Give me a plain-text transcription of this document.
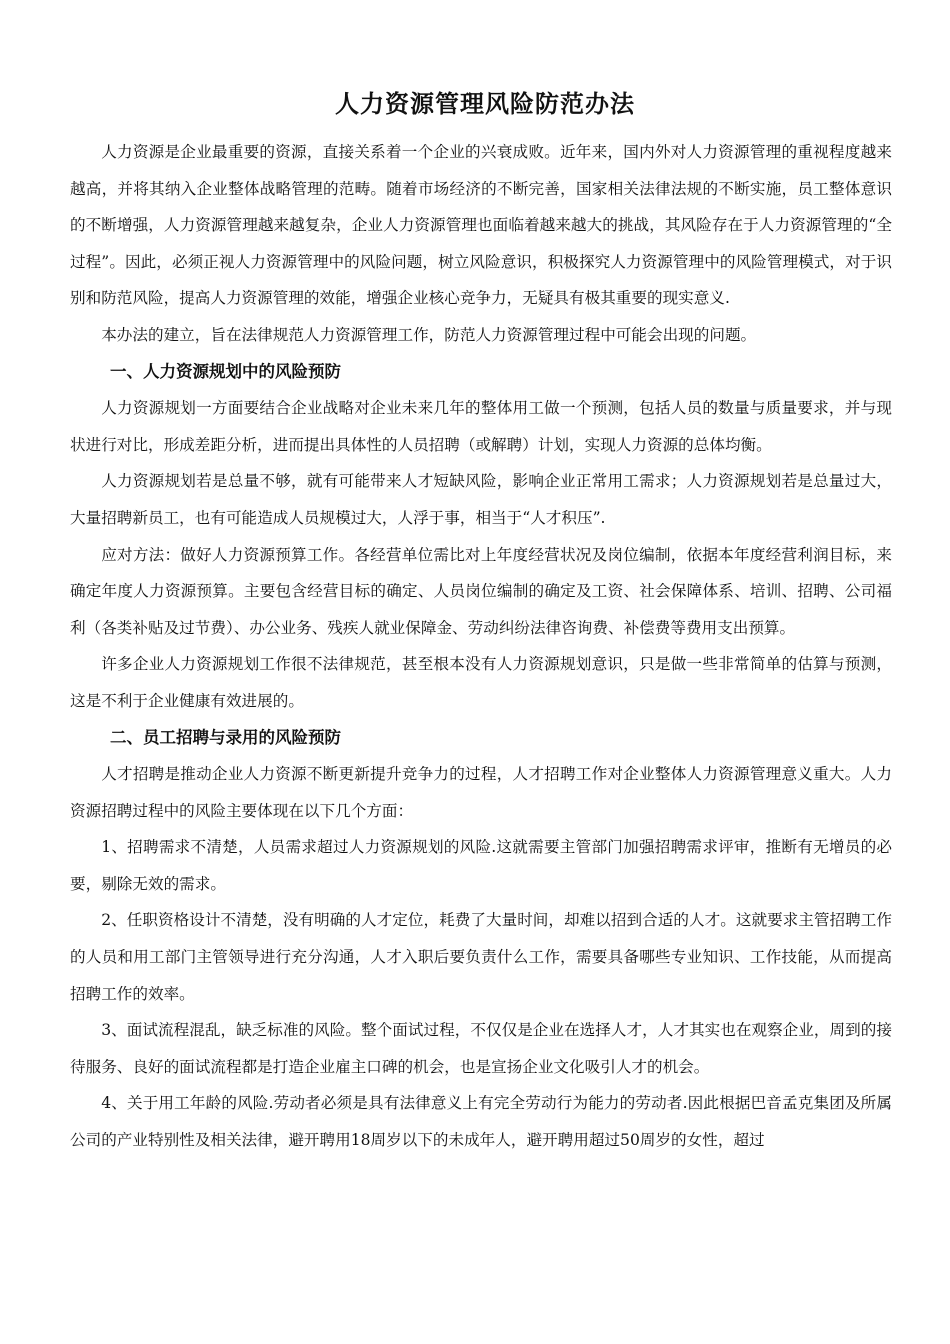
人力资源管理风险防范办法

人力资源是企业最重要的资源，直接关系着一个企业的兴衰成败。近年来，国内外对人力资源管理的重视程度越来越高，并将其纳入企业整体战略管理的范畴。随着市场经济的不断完善，国家相关法律法规的不断实施，员工整体意识的不断增强，人力资源管理越来越复杂，企业人力资源管理也面临着越来越大的挑战，其风险存在于人力资源管理的“全过程”。因此，必须正视人力资源管理中的风险问题，树立风险意识，积极探究人力资源管理中的风险管理模式，对于识别和防范风险，提高人力资源管理的效能，增强企业核心竞争力，无疑具有极其重要的现实意义.

本办法的建立，旨在法律规范人力资源管理工作，防范人力资源管理过程中可能会出现的问题。

一、人力资源规划中的风险预防

人力资源规划一方面要结合企业战略对企业未来几年的整体用工做一个预测，包括人员的数量与质量要求，并与现状进行对比，形成差距分析，进而提出具体性的人员招聘（或解聘）计划，实现人力资源的总体均衡。

人力资源规划若是总量不够，就有可能带来人才短缺风险，影响企业正常用工需求；人力资源规划若是总量过大，大量招聘新员工，也有可能造成人员规模过大，人浮于事，相当于“人才积压”.

应对方法：做好人力资源预算工作。各经营单位需比对上年度经营状况及岗位编制，依据本年度经营利润目标，来确定年度人力资源预算。主要包含经营目标的确定、人员岗位编制的确定及工资、社会保障体系、培训、招聘、公司福利（各类补贴及过节费）、办公业务、残疾人就业保障金、劳动纠纷法律咨询费、补偿费等费用支出预算。

许多企业人力资源规划工作很不法律规范，甚至根本没有人力资源规划意识，只是做一些非常简单的估算与预测，这是不利于企业健康有效进展的。

二、员工招聘与录用的风险预防

人才招聘是推动企业人力资源不断更新提升竞争力的过程，人才招聘工作对企业整体人力资源管理意义重大。人力资源招聘过程中的风险主要体现在以下几个方面：

1、招聘需求不清楚，人员需求超过人力资源规划的风险.这就需要主管部门加强招聘需求评审，推断有无增员的必要，剔除无效的需求。

2、任职资格设计不清楚，没有明确的人才定位，耗费了大量时间，却难以招到合适的人才。这就要求主管招聘工作的人员和用工部门主管领导进行充分沟通，人才入职后要负责什么工作，需要具备哪些专业知识、工作技能，从而提高招聘工作的效率。

3、面试流程混乱，缺乏标准的风险。整个面试过程，不仅仅是企业在选择人才，人才其实也在观察企业，周到的接待服务、良好的面试流程都是打造企业雇主口碑的机会，也是宣扬企业文化吸引人才的机会。

4、关于用工年龄的风险.劳动者必须是具有法律意义上有完全劳动行为能力的劳动者.因此根据巴音孟克集团及所属公司的产业特别性及相关法律，避开聘用18周岁以下的未成年人，避开聘用超过50周岁的女性，超过
